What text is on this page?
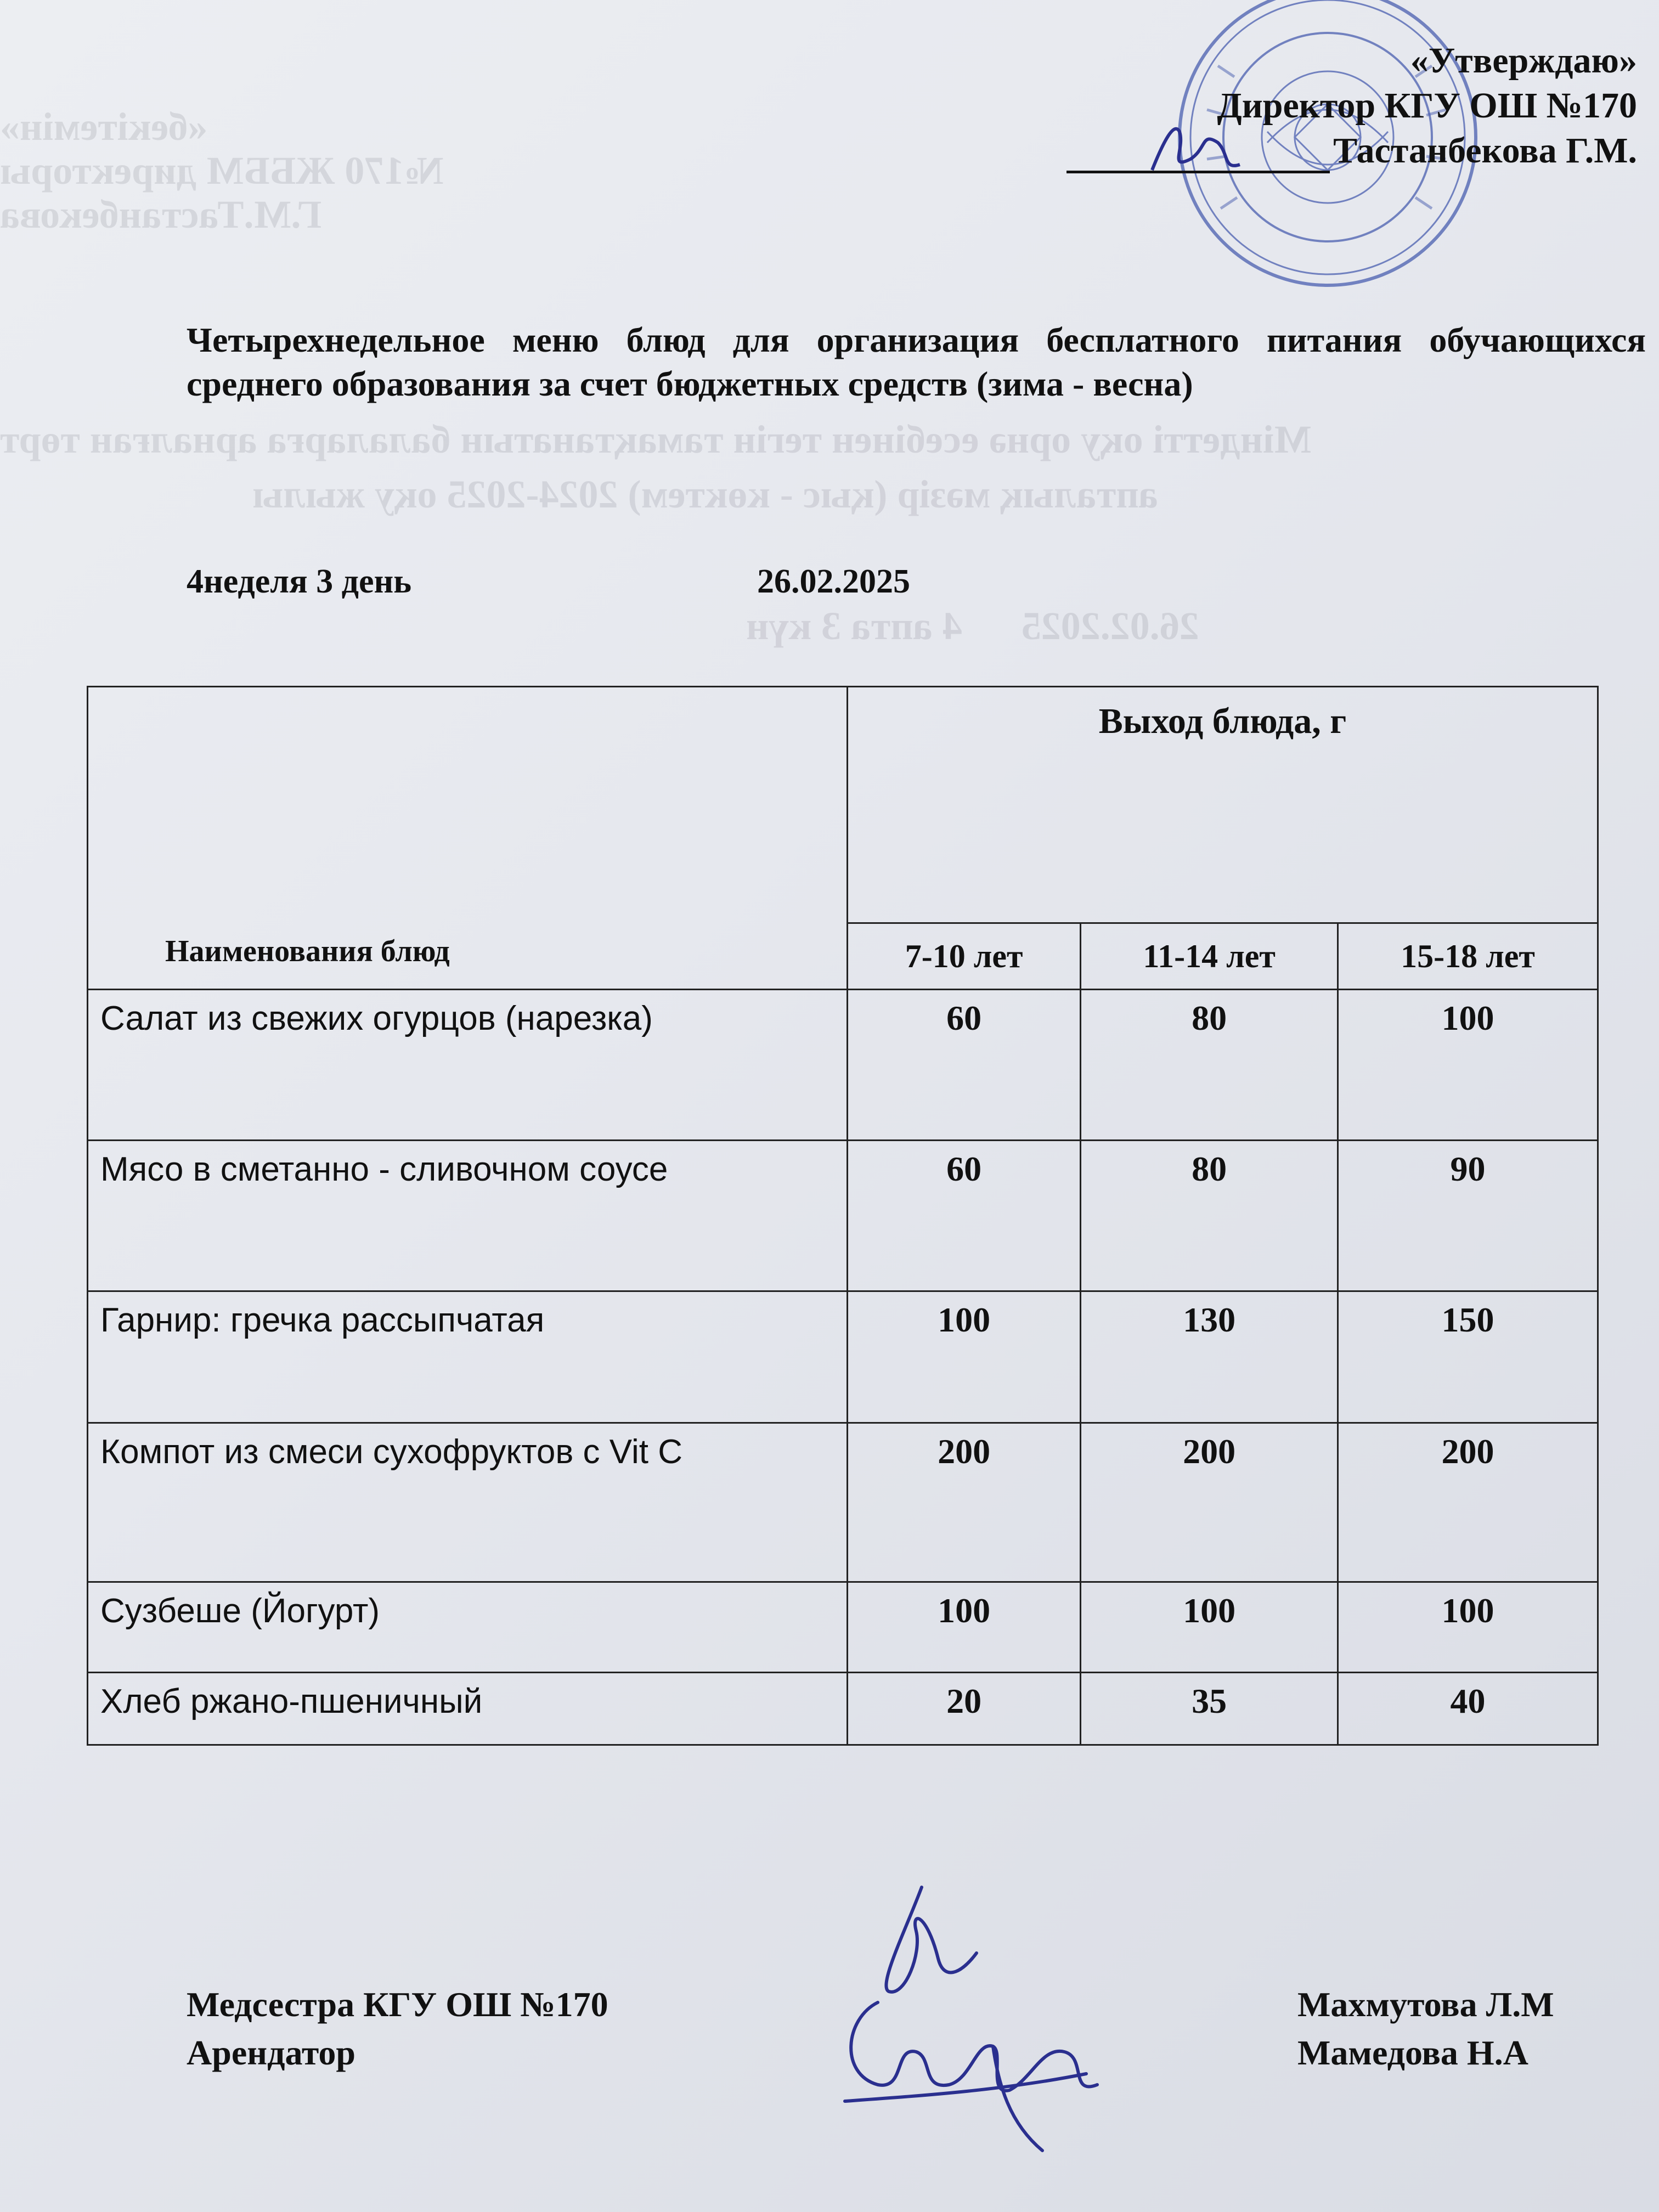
«бекітемін»
№170 ЖББМ директоры
Г.М.Тастанбекова
Міндетті оқу орнә есебінен тегін тамақтанатын балаларға арналған төрт
апталық мәзір (қыс - көктем) 2024-2025 оқу жылы
26.02.2025      4 апта 3 күн
«Утверждаю»
Директор КГУ ОШ №170
Тастанбекова Г.М.
Четырехнедельное меню блюд для организация бесплатного питания обучающихся среднего образования за счет бюджетных средств (зима - весна)
4неделя 3 день	26.02.2025
Наименования блюд	Выход блюда, г		
	7-10 лет	11-14 лет	15-18 лет
Салат из свежих огурцов (нарезка)	60	80	100
Мясо в сметанно - сливочном соусе	60	80	90
Гарнир: гречка рассыпчатая	100	130	150
Компот из смеси сухофруктов с Vit C	200	200	200
Сузбеше (Йогурт)	100	100	100
Хлеб ржано-пшеничный	20	35	40
Медсестра КГУ ОШ №170
Арендатор
Махмутова Л.М
Мамедова Н.А
